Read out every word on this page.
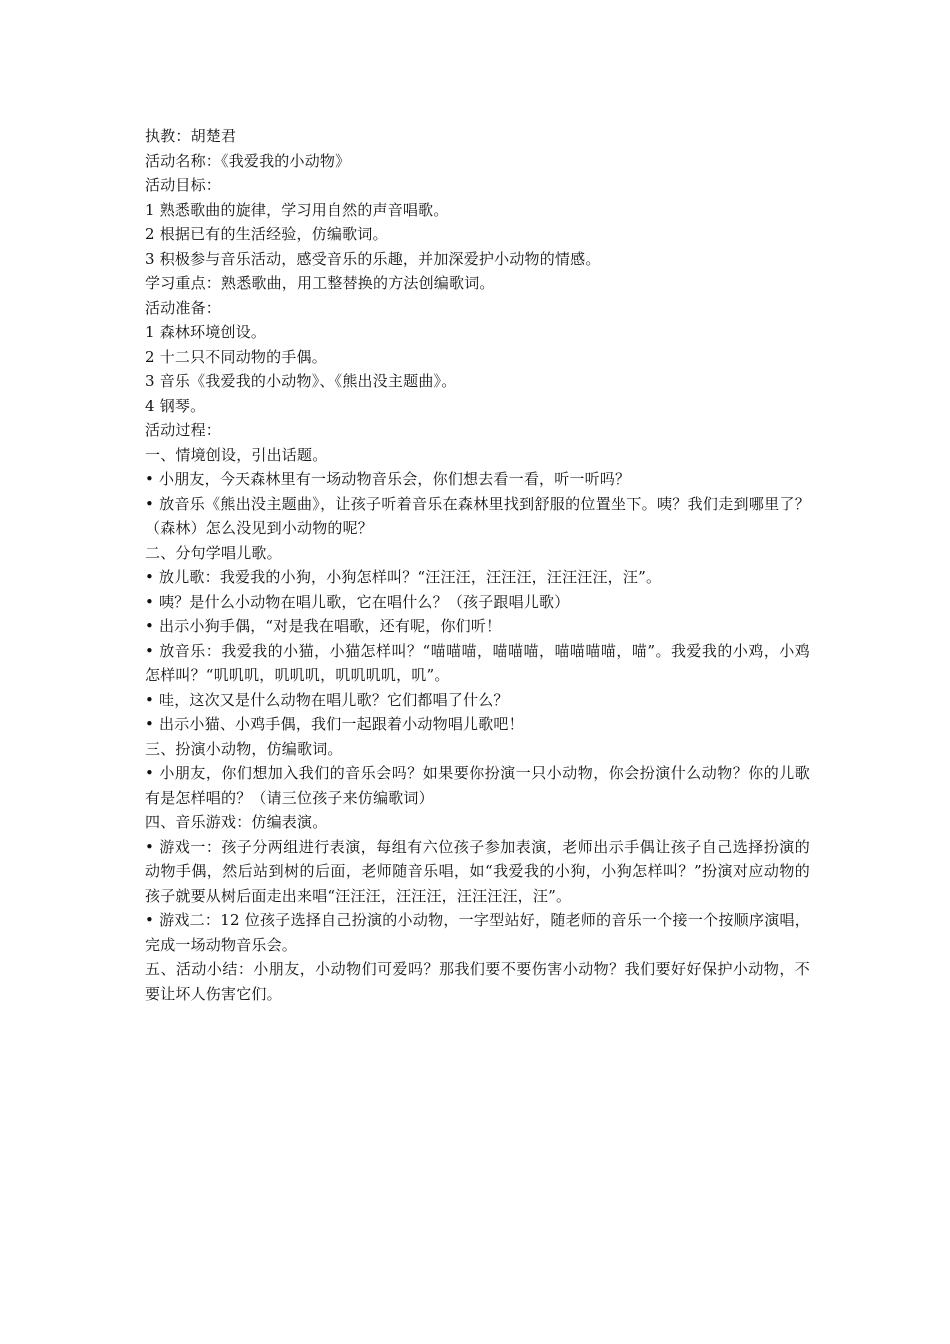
执教：胡楚君
活动名称：《我爱我的小动物》
活动目标：
1 熟悉歌曲的旋律，学习用自然的声音唱歌。
2 根据已有的生活经验，仿编歌词。
3 积极参与音乐活动，感受音乐的乐趣，并加深爱护小动物的情感。
学习重点：熟悉歌曲，用工整替换的方法创编歌词。
活动准备：
1 森林环境创设。
2 十二只不同动物的手偶。
3 音乐《我爱我的小动物》、《熊出没主题曲》。
4 钢琴。
活动过程：
一、情境创设，引出话题。
• 小朋友，今天森林里有一场动物音乐会，你们想去看一看，听一听吗？
• 放音乐《熊出没主题曲》，让孩子听着音乐在森林里找到舒服的位置坐下。咦？我们走到哪里了？（森林）怎么没见到小动物的呢？
二、分句学唱儿歌。
• 放儿歌：我爱我的小狗，小狗怎样叫？“汪汪汪，汪汪汪，汪汪汪汪，汪”。
• 咦？是什么小动物在唱儿歌，它在唱什么？（孩子跟唱儿歌）
• 出示小狗手偶，“对是我在唱歌，还有呢，你们听！
• 放音乐：我爱我的小猫，小猫怎样叫？“喵喵喵，喵喵喵，喵喵喵喵，喵”。我爱我的小鸡，小鸡怎样叫？“叽叽叽，叽叽叽，叽叽叽叽，叽”。
• 哇，这次又是什么动物在唱儿歌？它们都唱了什么？
• 出示小猫、小鸡手偶，我们一起跟着小动物唱儿歌吧！
三、扮演小动物，仿编歌词。
• 小朋友，你们想加入我们的音乐会吗？如果要你扮演一只小动物，你会扮演什么动物？你的儿歌有是怎样唱的？（请三位孩子来仿编歌词）
四、音乐游戏：仿编表演。
• 游戏一：孩子分两组进行表演，每组有六位孩子参加表演，老师出示手偶让孩子自己选择扮演的动物手偶，然后站到树的后面，老师随音乐唱，如“我爱我的小狗，小狗怎样叫？”扮演对应动物的孩子就要从树后面走出来唱“汪汪汪，汪汪汪，汪汪汪汪，汪”。
• 游戏二：12 位孩子选择自己扮演的小动物，一字型站好，随老师的音乐一个接一个按顺序演唱，完成一场动物音乐会。
五、活动小结：小朋友，小动物们可爱吗？那我们要不要伤害小动物？我们要好好保护小动物，不要让坏人伤害它们。
